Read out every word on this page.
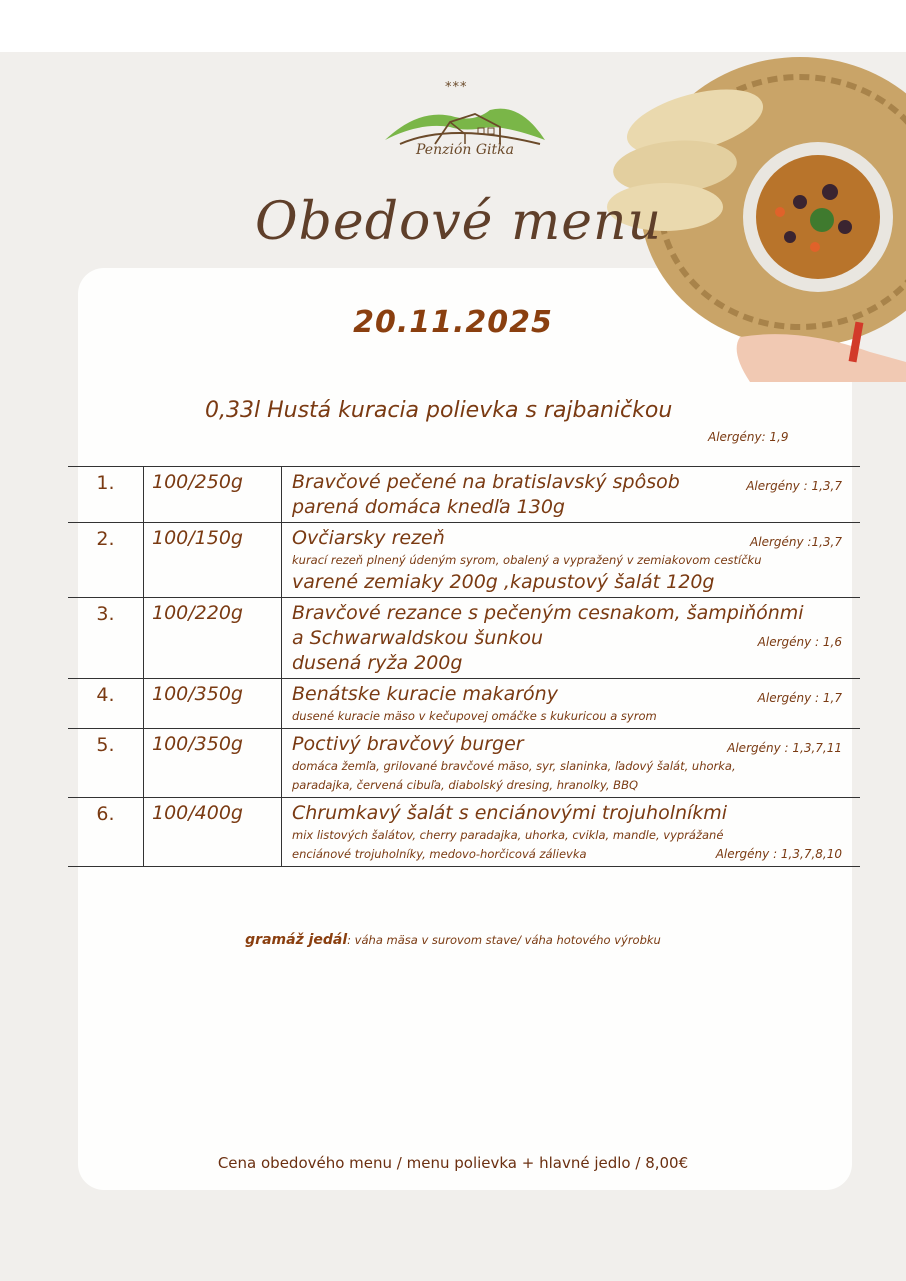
***
Penzión Gitka
Obedové menu
20.11.2025
0,33l Hustá kuracia polievka s rajbaničkou
Alergény: 1,9
1.	100/250g	Bravčové pečené na bratislavský spôsob Alergény : 1,3,7
parená domáca knedľa 130g

2.	100/150g	Ovčiarsky rezeň Alergény :1,3,7
kurací rezeň plnený údeným syrom, obalený a vypražený v zemiakovom cestíčku
varené zemiaky 200g ,kapustový šalát 120g

3.	100/220g	Bravčové rezance s pečeným cesnakom, šampiňónmi
a Schwarwaldskou šunkou Alergény : 1,6
dusená ryža 200g

4.	100/350g	Benátske kuracie makaróny Alergény : 1,7
dusené kuracie mäso v kečupovej omáčke s kukuricou a syrom

5.	100/350g	Poctivý bravčový burger Alergény : 1,3,7,11
domáca žemľa, grilované bravčové mäso, syr, slaninka, ľadový šalát, uhorka,
paradajka, červená cibuľa, diabolský dresing, hranolky, BBQ

6.	100/400g	Chrumkavý šalát s enciánovými trojuholníkmi
mix listových šalátov, cherry paradajka, uhorka, cvikla, mandle, vyprážané
enciánové trojuholníky, medovo-horčicová zálievka Alergény : 1,3,7,8,10
gramáž jedál: váha mäsa v surovom stave/ váha hotového výrobku
Cena obedového menu / menu polievka + hlavné jedlo / 8,00€
